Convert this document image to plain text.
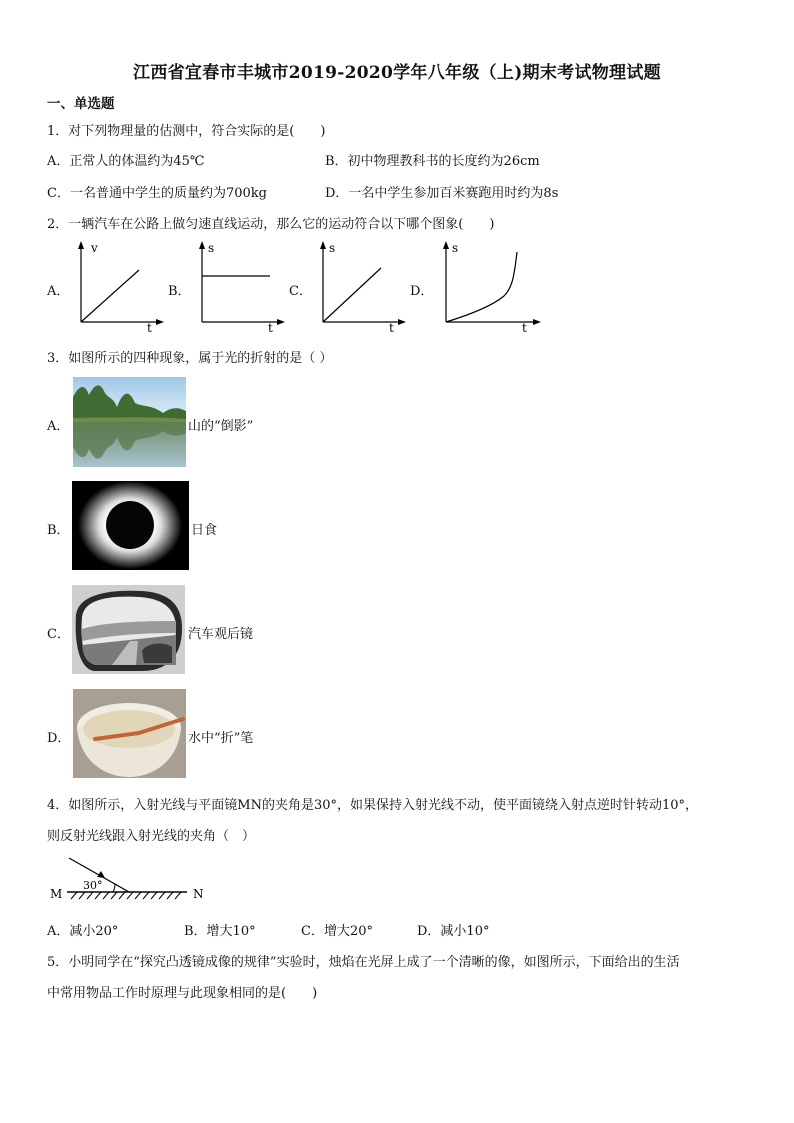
江西省宜春市丰城市2019-2020学年八年级（上)期末考试物理试题
一、单选题
1．对下列物理量的估测中，符合实际的是(　　)
A．正常人的体温约为45℃	B．初中物理教科书的长度约为26cm
C．一名普通中学生的质量约为700kg	D．一名中学生参加百米赛跑用时约为8s
2．一辆汽车在公路上做匀速直线运动，那么它的运动符合以下哪个图象(　　)
A．
v
t
B．
s
t
C．
s
t
D．
s
t
3．如图所示的四种现象，属于光的折射的是（ ）
A．	山的“倒影”
B．	日食
C．	汽车观后镜
D．	水中“折”笔
4．如图所示，入射光线与平面镜MN的夹角是30°，如果保持入射光线不动，使平面镜绕入射点逆时针转动10°，
则反射光线跟入射光线的夹角（　）
M
30°
N
A．减小20°	B．增大10°	C．增大20°	D．减小10°
5．小明同学在“探究凸透镜成像的规律”实验时，烛焰在光屏上成了一个清晰的像，如图所示，下面给出的生活
中常用物品工作时原理与此现象相同的是(　　)
